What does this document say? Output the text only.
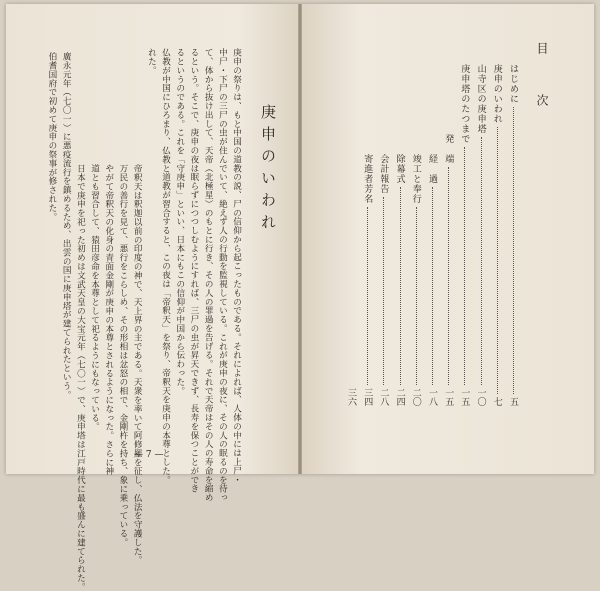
庚申のいわれ
庚申の祭りは、もと中国の道教の説、尸の信仰から起こったものである。それによれば、人体の中には上尸・
中尸・下尸の三尸の虫が住んでいて、絶えず人の行動を監視している。これが庚申の夜に、その人の眠るのを待っ
て、体から抜け出して、天帝（北極星）のもとに行き、その人の罪過を告げる。それで天帝はその人の寿命を縮め
るという。そこで、庚申の夜は眠らずにつつしむようにすれば、三尸の虫が昇天できず、長寿を保つことができ
るというのである。これを「守庚申」といい、日本にもこの信仰が中国から伝わった。
仏教が中国にひろまり、仏教と道教が習合すると、この夜は「帝釈天」を祭り、帝釈天を庚申の本尊とした。
れた。
帝釈天は釈迦以前の印度の神で、天上界の主である。天衆を率いて阿修羅を征し、仏法を守護した。
万民の善行を見て、悪行をこらしめ、その形相は忿怒の相で、金剛杵を持ち、象に乗っている。
やがて帝釈天の化身の青面金剛が庚申の本尊とされるようになった。さらに神
道とも習合して、猿田彦命を本尊として祀るようにもなっている。
日本で庚申を祀った初めは文武天皇の大宝元年（七〇一）で、庚申塔は江戸時代に最も盛んに建てられた。
廣永元年（七〇一）に悪疫流行を鎮めるため、出雲の国に庚申塔が建てられたという。
伯耆国府で初めて庚申の祭事が修された。
— 7 —
目　次
はじめに
五
庚申のいわれ
七
山寺区の庚申塔
一〇
庚申塔のたつまで
一五
発　端
一五
経　過
一八
竣工と奉行
二〇
除幕式
二四
会計報告
二八
寄進者芳名
三四
三六
